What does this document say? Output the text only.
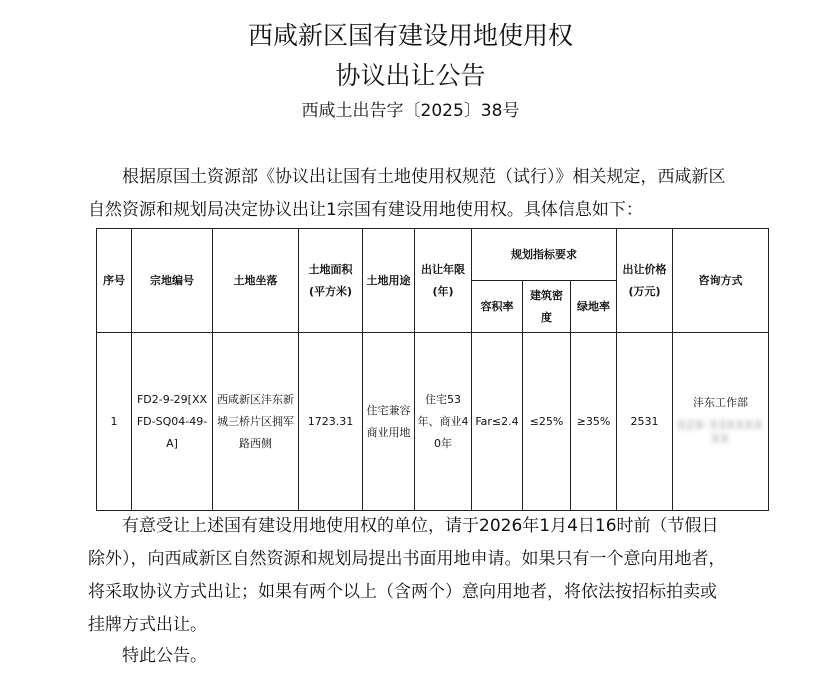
西咸新区国有建设用地使用权
协议出让公告
西咸土出告字〔2025〕38号

根据原国土资源部《协议出让国有土地使用权规范（试行）》相关规定，西咸新区自然资源和规划局决定协议出让1宗国有建设用地使用权。具体信息如下：

序号	宗地编号	土地坐落	土地面积(平方米)	土地用途	出让年限(年)	规划指标要求			出让价格(万元)	咨询方式
						容积率	建筑密度	绿地率		
1	FD2-9-29[XXFD-SQ04-49-A]	西咸新区沣东新城三桥片区拥军路西侧	1723.31	住宅兼容商业用地	住宅53年、商业40年	Far≤2.4	≤25%	≥35%	2531	沣东工作部
029-33XXXXXX

有意受让上述国有建设用地使用权的单位，请于2026年1月4日16时前（节假日除外），向西咸新区自然资源和规划局提出书面用地申请。如果只有一个意向用地者，将采取协议方式出让；如果有两个以上（含两个）意向用地者，将依法按招标拍卖或挂牌方式出让。

特此公告。
